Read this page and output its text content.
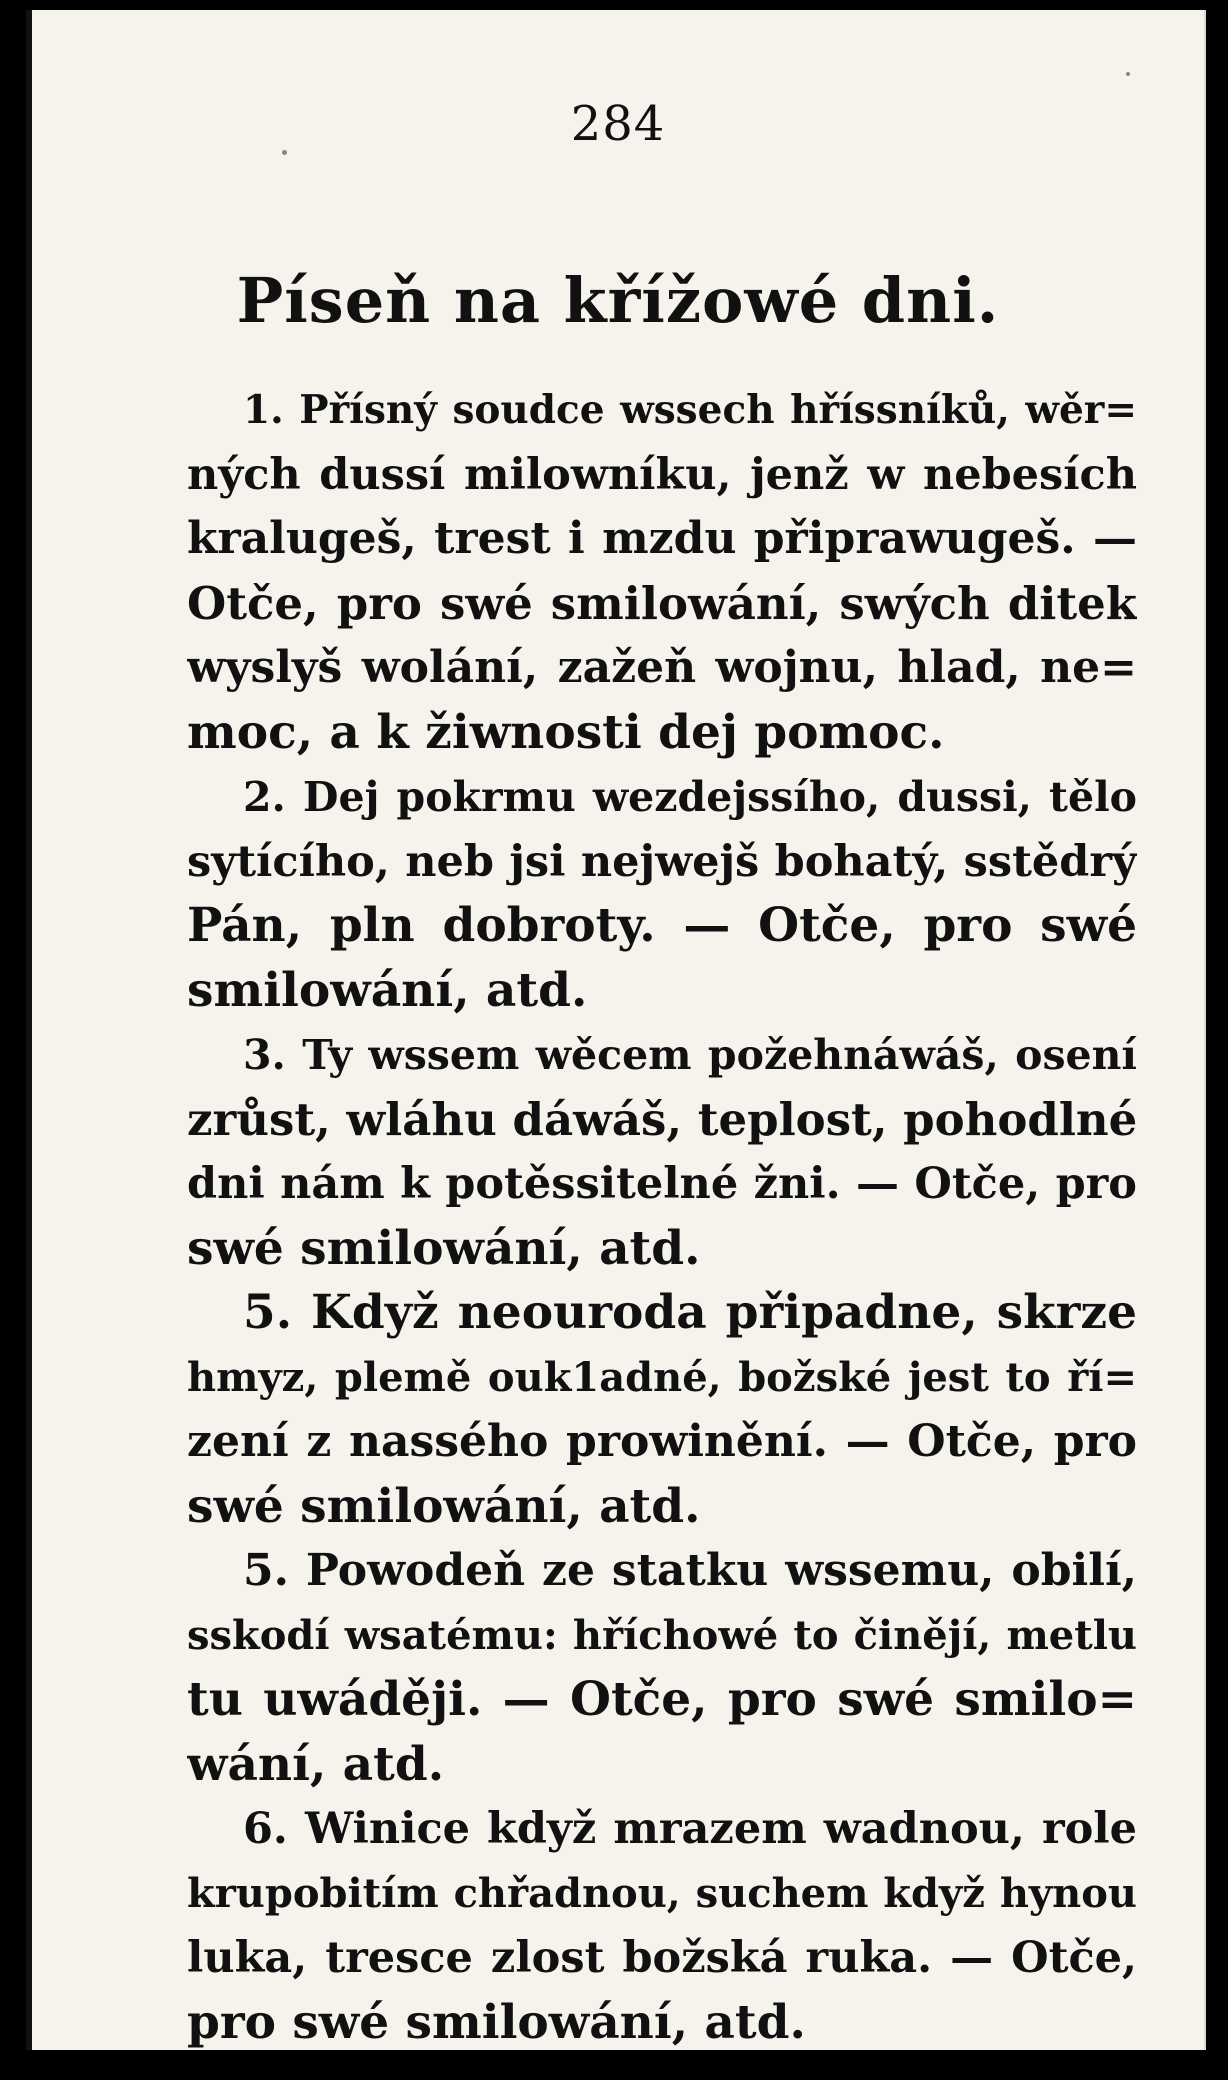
284
Píseň na křížowé dni.
1. Přísný soudce wssech hříssníků, wěr=
ných dussí milowníku, jenž w nebesích
kralugeš, trest i mzdu připrawugeš. —
Otče, pro swé smilowání, swých ditek
wyslyš wolání, zažeň wojnu, hlad, ne=
moc, a k žiwnosti dej pomoc.
2. Dej pokrmu wezdejssího, dussi, tělo
sytícího, neb jsi nejwejš bohatý, sstědrý
Pán, pln dobroty. — Otče, pro swé
smilowání, atd.
3. Ty wssem wěcem požehnáwáš, osení
zrůst, wláhu dáwáš, teplost, pohodlné
dni nám k potěssitelné žni. — Otče, pro
swé smilowání, atd.
5. Když neouroda připadne, skrze
hmyz, plemě ouk1adné, božské jest to ří=
zení z nassého prowinění. — Otče, pro
swé smilowání, atd.
5. Powodeň ze statku wssemu, obilí,
sskodí wsatému: hříchowé to činějí, metlu
tu uwáději. — Otče, pro swé smilo=
wání, atd.
6. Winice když mrazem wadnou, role
krupobitím chřadnou, suchem když hynou
luka, tresce zlost božská ruka. — Otče,
pro swé smilowání, atd.
